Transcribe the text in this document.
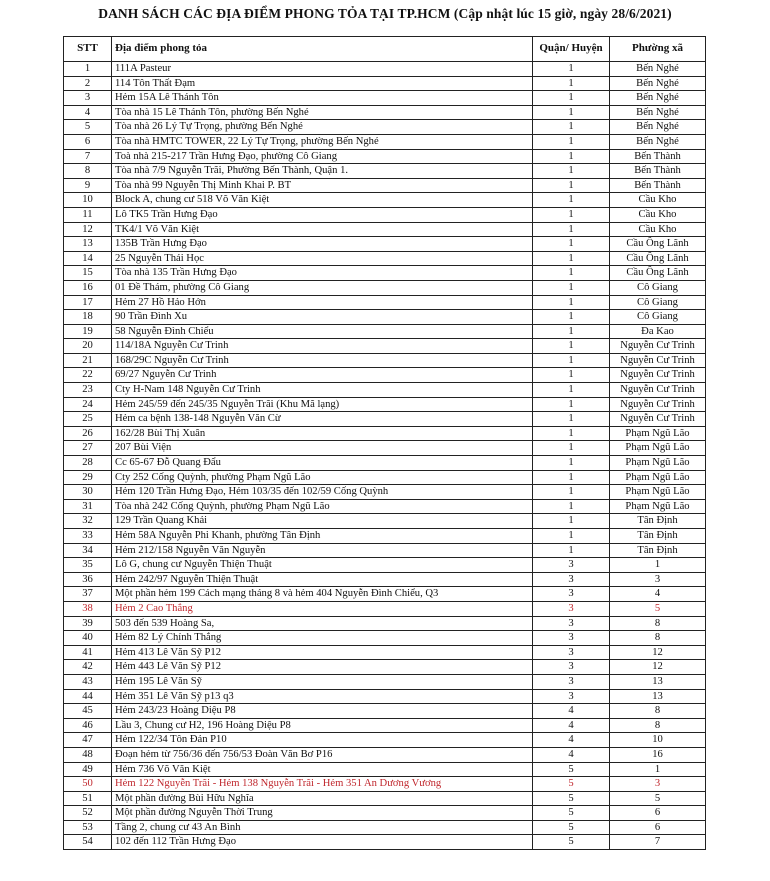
DANH SÁCH CÁC ĐỊA ĐIỂM PHONG TỎA TẠI TP.HCM (Cập nhật lúc 15 giờ, ngày 28/6/2021)
STT	Địa điểm phong tỏa	Quận/ Huyện	Phường xã
1	111A Pasteur	1	Bến Nghé
2	114 Tôn Thất Đạm	1	Bến Nghé
3	Hẻm 15A Lê Thánh Tôn	1	Bến Nghé
4	Tòa nhà 15 Lê Thánh Tôn, phường Bến Nghé	1	Bến Nghé
5	Tòa nhà 26 Lý Tự Trọng, phường Bến Nghé	1	Bến Nghé
6	Tòa nhà HMTC TOWER, 22 Lý Tự Trọng, phường Bến Nghé	1	Bến Nghé
7	Toà nhà 215-217 Trần Hưng Đạo, phường Cô Giang	1	Bến Thành
8	Tòa nhà 7/9 Nguyễn Trãi, Phường Bến Thành, Quận 1.	1	Bến Thành
9	Tòa nhà 99 Nguyễn Thị Minh Khai P. BT	1	Bến Thành
10	Block A, chung cư 518 Võ Văn Kiệt	1	Cầu Kho
11	Lô TK5 Trần Hưng Đạo	1	Cầu Kho
12	TK4/1 Võ Văn Kiệt	1	Cầu Kho
13	135B Trần Hưng Đạo	1	Cầu Ông Lãnh
14	25 Nguyễn Thái Học	1	Cầu Ông Lãnh
15	Tòa nhà 135 Trần Hưng Đạo	1	Cầu Ông Lãnh
16	01 Đề Thám, phường Cô Giang	1	Cô Giang
17	Hẻm 27 Hồ Hảo Hớn	1	Cô Giang
18	90 Trần Đình Xu	1	Cô Giang
19	58 Nguyễn Đình Chiểu	1	Đa Kao
20	114/18A Nguyễn Cư Trinh	1	Nguyễn Cư Trinh
21	168/29C Nguyễn Cư Trinh	1	Nguyễn Cư Trinh
22	69/27 Nguyễn Cư Trinh	1	Nguyễn Cư Trinh
23	Cty H-Nam 148 Nguyễn Cư Trinh	1	Nguyễn Cư Trinh
24	Hẻm 245/59 đến 245/35 Nguyễn Trãi (Khu Mã lạng)	1	Nguyễn Cư Trinh
25	Hẻm ca bệnh 138-148 Nguyễn Văn Cừ	1	Nguyễn Cư Trinh
26	162/28 Bùi Thị Xuân	1	Phạm Ngũ Lão
27	207 Bùi Viện	1	Phạm Ngũ Lão
28	Cc 65-67 Đỗ Quang Đẩu	1	Phạm Ngũ Lão
29	Cty 252 Cống Quỳnh, phường Phạm Ngũ Lão	1	Phạm Ngũ Lão
30	Hẻm 120 Trần Hưng Đạo, Hẻm 103/35 đến 102/59 Cống Quỳnh	1	Phạm Ngũ Lão
31	Tòa nhà 242 Cống Quỳnh, phường Phạm Ngũ Lão	1	Phạm Ngũ Lão
32	129 Trần Quang Khải	1	Tân Định
33	Hẻm 58A Nguyễn Phi Khanh, phường Tân Định	1	Tân Định
34	Hẻm 212/158 Nguyễn Văn Nguyễn	1	Tân Định
35	Lô G, chung cư Nguyễn Thiện Thuật	3	1
36	Hẻm 242/97 Nguyễn Thiện Thuật	3	3
37	Một phần hẻm 199 Cách mạng tháng 8 và hẻm 404 Nguyễn Đình Chiểu, Q3	3	4
38	Hẻm 2 Cao Thắng	3	5
39	503 đến 539 Hoàng Sa,	3	8
40	Hẻm 82 Lý Chính Thắng	3	8
41	Hẻm 413 Lê Văn Sỹ P12	3	12
42	Hẻm 443 Lê Văn Sỹ P12	3	12
43	Hẻm 195 Lê Văn Sỹ	3	13
44	Hẻm 351 Lê Văn Sỹ p13 q3	3	13
45	Hẻm 243/23 Hoàng Diệu P8	4	8
46	Lầu 3, Chung cư H2, 196 Hoàng Diệu P8	4	8
47	Hẻm 122/34 Tôn Đản P10	4	10
48	Đoạn hẻm từ 756/36 đến 756/53 Đoàn Văn Bơ P16	4	16
49	Hẻm 736 Võ Văn Kiệt	5	1
50	Hẻm 122 Nguyễn Trãi - Hẻm 138 Nguyễn Trãi - Hẻm 351 An Dương Vương	5	3
51	Một phần đường Bùi Hữu Nghĩa	5	5
52	Một phần đường Nguyễn Thời Trung	5	6
53	Tầng 2, chung cư 43 An Bình	5	6
54	102 đến 112 Trần Hưng Đạo	5	7
